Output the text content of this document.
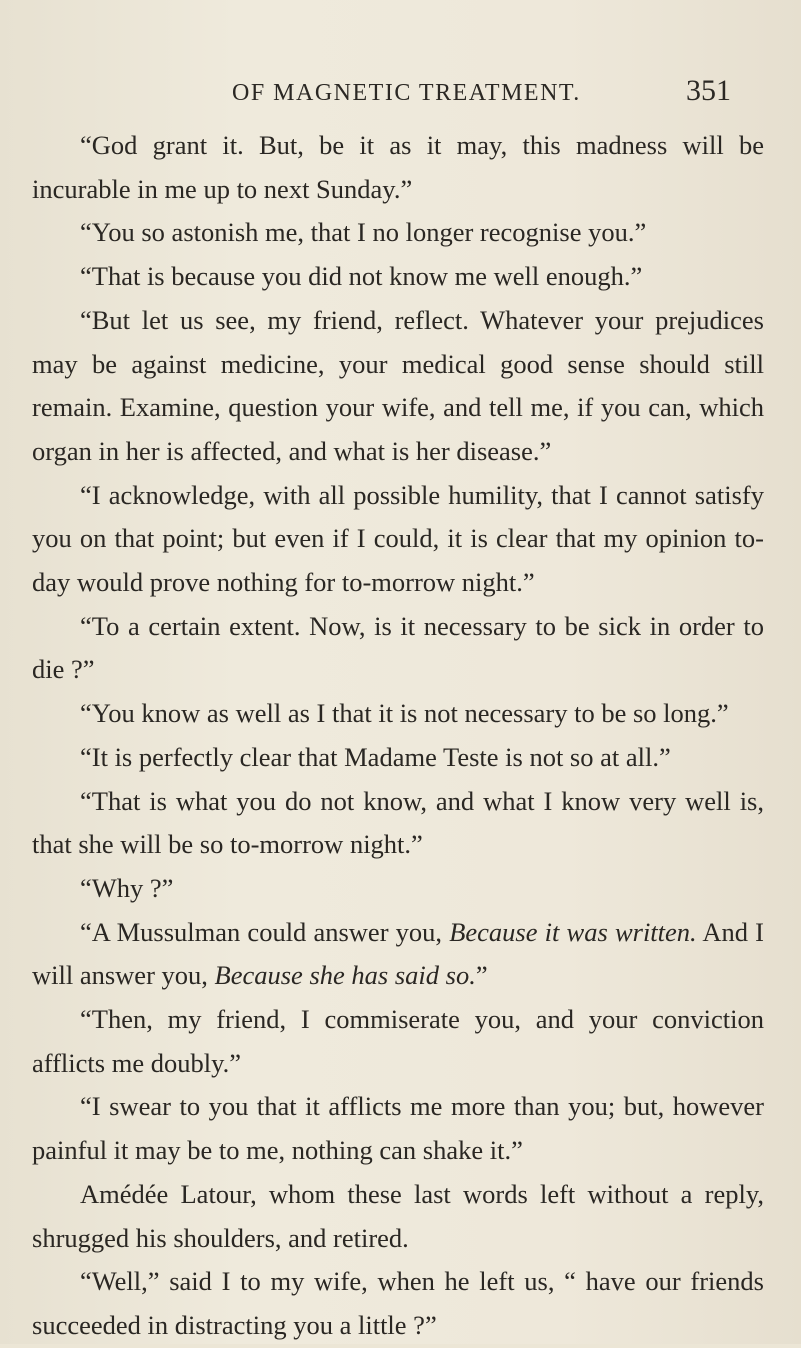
OF MAGNETIC TREATMENT.	351

“God grant it. But, be it as it may, this madness will be incurable in me up to next Sunday.”

“You so astonish me, that I no longer recognise you.”

“That is because you did not know me well enough.”

“But let us see, my friend, reflect. Whatever your prejudices may be against medicine, your medical good sense should still remain. Examine, question your wife, and tell me, if you can, which organ in her is affected, and what is her disease.”

“I acknowledge, with all possible humility, that I cannot satisfy you on that point; but even if I could, it is clear that my opinion to-day would prove nothing for to-morrow night.”

“To a certain extent. Now, is it necessary to be sick in order to die ?”

“You know as well as I that it is not necessary to be so long.”

“It is perfectly clear that Madame Teste is not so at all.”

“That is what you do not know, and what I know very well is, that she will be so to-morrow night.”

“Why ?”

“A Mussulman could answer you, Because it was written. And I will answer you, Because she has said so.”

“Then, my friend, I commiserate you, and your conviction afflicts me doubly.”

“I swear to you that it afflicts me more than you; but, however painful it may be to me, nothing can shake it.”

Amédée Latour, whom these last words left without a reply, shrugged his shoulders, and retired.

“Well,” said I to my wife, when he left us, “ have our friends succeeded in distracting you a little ?”
